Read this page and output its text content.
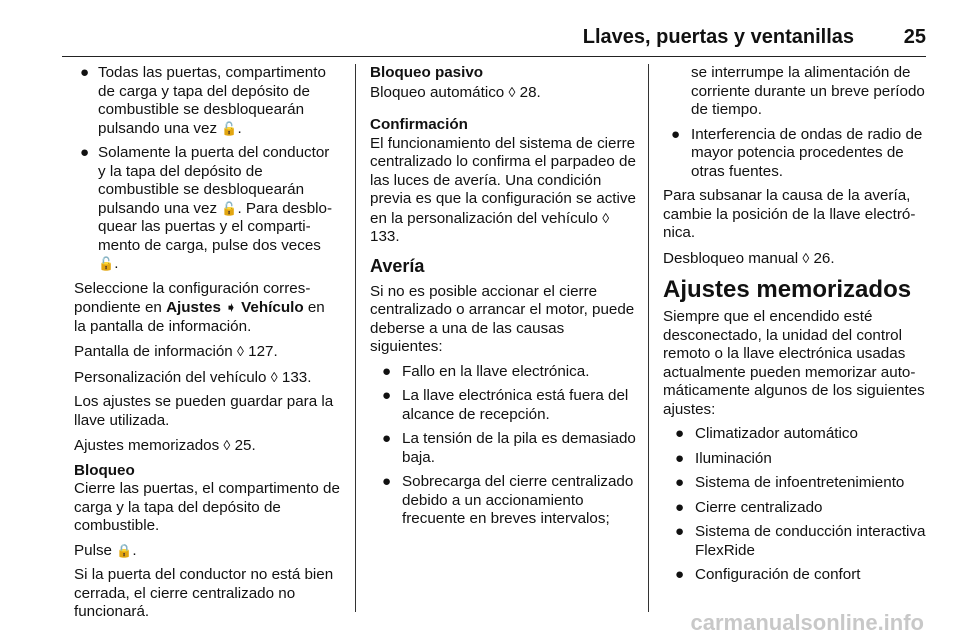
Llaves, puertas y ventanillas 25
● Todas las puertas, compartimento de carga y tapa del depósito de combustible se desbloquearán pulsando una vez 🔓.
● Solamente la puerta del conductor y la tapa del depósito de combustible se desbloquearán pulsando una vez 🔓. Para desbloquear las puertas y el compartimento de carga, pulse dos veces 🔓.

Seleccione la configuración correspondiente en Ajustes ➧ Vehículo en la pantalla de información.

Pantalla de información ◊ 127.

Personalización del vehículo ◊ 133.

Los ajustes se pueden guardar para la llave utilizada.

Ajustes memorizados ◊ 25.

Bloqueo

Cierre las puertas, el compartimento de carga y la tapa del depósito de combustible.

Pulse 🔒.

Si la puerta del conductor no está bien cerrada, el cierre centralizado no funcionará.

Bloqueo pasivo

Bloqueo automático ◊ 28.

Confirmación

El funcionamiento del sistema de cierre centralizado lo confirma el parpadeo de las luces de avería. Una condición previa es que la configuración se active en la personalización del vehículo ◊ 133.

Avería

Si no es posible accionar el cierre centralizado o arrancar el motor, puede deberse a una de las causas siguientes:

● Fallo en la llave electrónica.
● La llave electrónica está fuera del alcance de recepción.
● La tensión de la pila es demasiado baja.
● Sobrecarga del cierre centralizado debido a un accionamiento frecuente en breves intervalos;

se interrumpe la alimentación de corriente durante un breve período de tiempo.

● Interferencia de ondas de radio de mayor potencia procedentes de otras fuentes.

Para subsanar la causa de la avería, cambie la posición de la llave electrónica.

Desbloqueo manual ◊ 26.

Ajustes memorizados

Siempre que el encendido esté desconectado, la unidad del control remoto o la llave electrónica usadas actualmente pueden memorizar automáticamente algunos de los siguientes ajustes:

● Climatizador automático
● Iluminación
● Sistema de infoentretenimiento
● Cierre centralizado
● Sistema de conducción interactiva FlexRide
● Configuración de confort
carmanualsonline.info
